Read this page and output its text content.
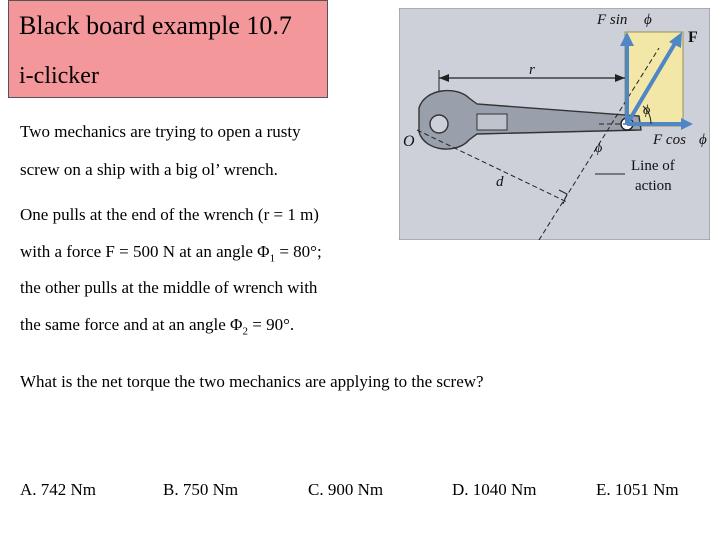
Black board example 10.7
i-clicker
Two mechanics are trying to open a rusty
screw on a ship with a big ol’ wrench.
One pulls at the end of the wrench (r = 1 m)
with a force F = 500 N at an angle $\Phi_1 = 80^\circ$;
the other pulls at the middle of wrench with
the same force and at an angle $\Phi_2 = 90^\circ$.
What is the net torque the two mechanics are applying to the screw?
A. 742 Nm	B. 750 Nm	C. 900 Nm	D. 1040 Nm	E. 1051 Nm
F sin ϕ
F
r
ϕ
O	ϕ
F cos ϕ
d
Line of
action
